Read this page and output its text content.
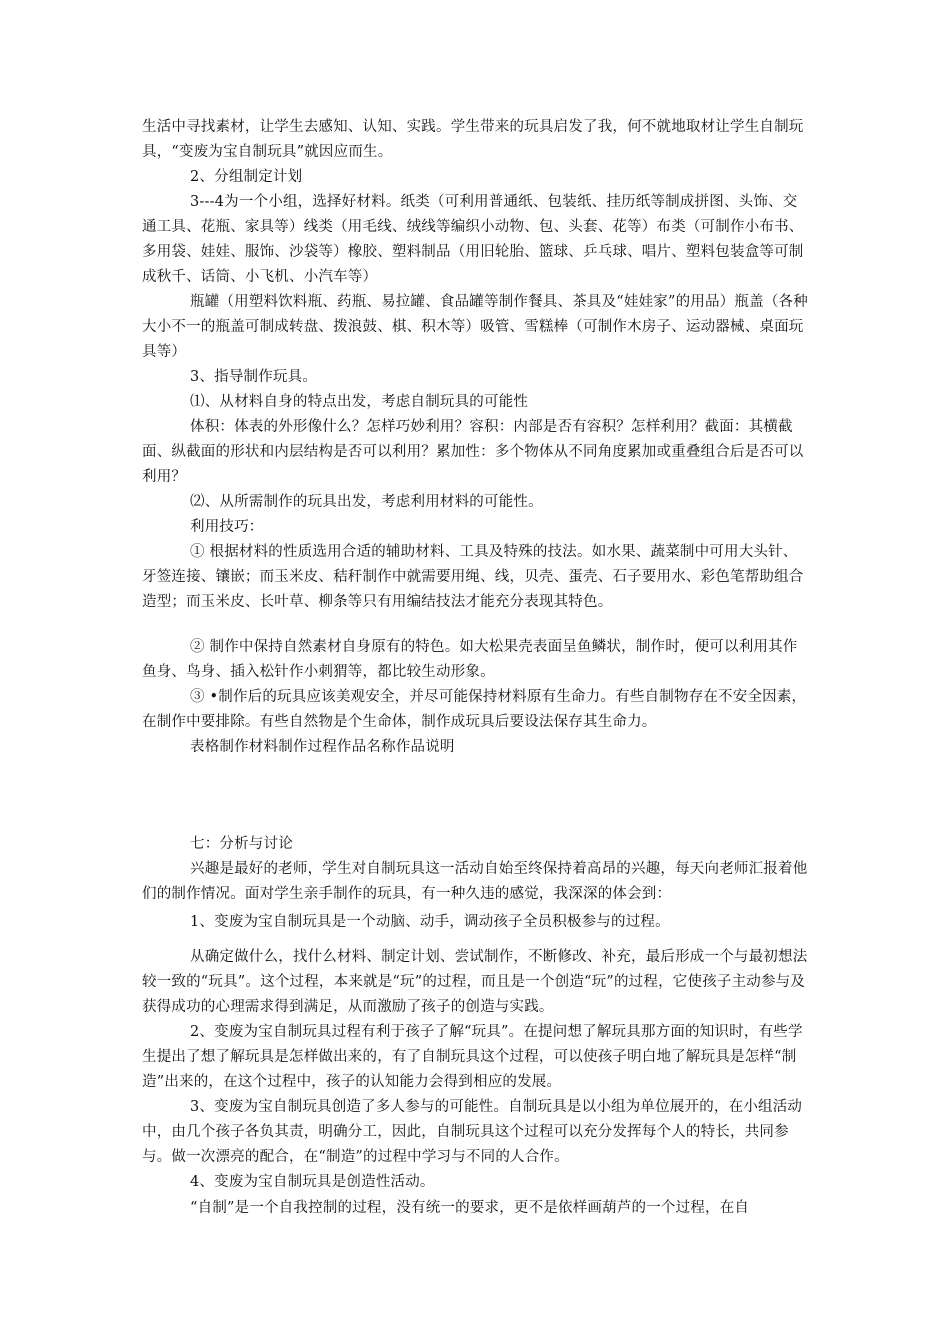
生活中寻找素材，让学生去感知、认知、实践。学生带来的玩具启发了我，何不就地取材让学生自制玩具，“变废为宝自制玩具”就因应而生。

2、分组制定计划

3---4为一个小组，选择好材料。纸类（可利用普通纸、包装纸、挂历纸等制成拼图、头饰、交通工具、花瓶、家具等）线类（用毛线、绒线等编织小动物、包、头套、花等）布类（可制作小布书、多用袋、娃娃、服饰、沙袋等）橡胶、塑料制品（用旧轮胎、篮球、乒乓球、唱片、塑料包装盒等可制成秋千、话筒、小飞机、小汽车等）

瓶罐（用塑料饮料瓶、药瓶、易拉罐、食品罐等制作餐具、茶具及“娃娃家”的用品）瓶盖（各种大小不一的瓶盖可制成转盘、拨浪鼓、棋、积木等）吸管、雪糕棒（可制作木房子、运动器械、桌面玩具等）

3、指导制作玩具。

⑴、从材料自身的特点出发，考虑自制玩具的可能性

体积：体表的外形像什么？怎样巧妙利用？容积：内部是否有容积？怎样利用？截面：其横截面、纵截面的形状和内层结构是否可以利用？累加性：多个物体从不同角度累加或重叠组合后是否可以利用？

⑵、从所需制作的玩具出发，考虑利用材料的可能性。

利用技巧：

① 根据材料的性质选用合适的辅助材料、工具及特殊的技法。如水果、蔬菜制中可用大头针、牙签连接、镶嵌；而玉米皮、秸秆制作中就需要用绳、线，贝壳、蛋壳、石子要用水、彩色笔帮助组合造型；而玉米皮、长叶草、柳条等只有用编结技法才能充分表现其特色。

② 制作中保持自然素材自身原有的特色。如大松果壳表面呈鱼鳞状，制作时，便可以利用其作鱼身、鸟身、插入松针作小刺猬等，都比较生动形象。

③ •制作后的玩具应该美观安全，并尽可能保持材料原有生命力。有些自制物存在不安全因素，在制作中要排除。有些自然物是个生命体，制作成玩具后要设法保存其生命力。

表格制作材料制作过程作品名称作品说明

七：分析与讨论

兴趣是最好的老师，学生对自制玩具这一活动自始至终保持着高昂的兴趣，每天向老师汇报着他们的制作情况。面对学生亲手制作的玩具，有一种久违的感觉，我深深的体会到：

1、变废为宝自制玩具是一个动脑、动手，调动孩子全员积极参与的过程。

从确定做什么，找什么材料、制定计划、尝试制作，不断修改、补充，最后形成一个与最初想法较一致的“玩具”。这个过程，本来就是“玩”的过程，而且是一个创造“玩”的过程，它使孩子主动参与及获得成功的心理需求得到满足，从而激励了孩子的创造与实践。

2、变废为宝自制玩具过程有利于孩子了解“玩具”。在提问想了解玩具那方面的知识时，有些学生提出了想了解玩具是怎样做出来的，有了自制玩具这个过程，可以使孩子明白地了解玩具是怎样“制造”出来的，在这个过程中，孩子的认知能力会得到相应的发展。

3、变废为宝自制玩具创造了多人参与的可能性。自制玩具是以小组为单位展开的，在小组活动中，由几个孩子各负其责，明确分工，因此，自制玩具这个过程可以充分发挥每个人的特长，共同参与。做一次漂亮的配合，在“制造”的过程中学习与不同的人合作。

4、变废为宝自制玩具是创造性活动。

“自制”是一个自我控制的过程，没有统一的要求，更不是依样画葫芦的一个过程，在自
